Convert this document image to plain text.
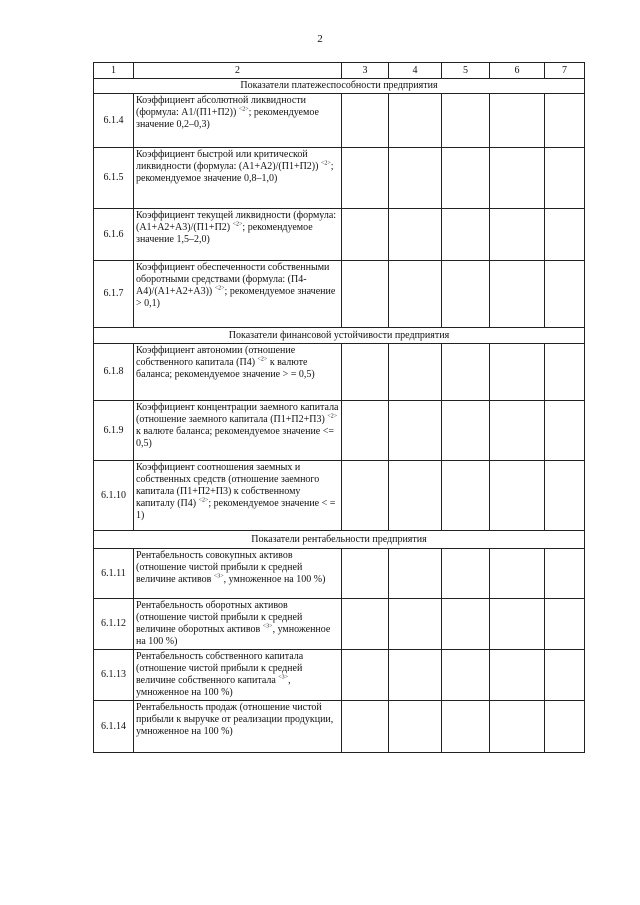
2
1	2	3	4	5	6	7
Показатели платежеспособности предприятия						
6.1.4	Коэффициент абсолютной ликвидности (формула: А1/(П1+П2)) $^{<2>}$; рекомендуемое значение 0,2–0,3)					
6.1.5	Коэффициент быстрой или критической ликвидности (формула: (А1+А2)/(П1+П2)) $^{<2>}$; рекомендуемое значение 0,8–1,0)					
6.1.6	Коэффициент текущей ликвидности (формула: (А1+А2+А3)/(П1+П2) $^{<2>}$; рекомендуемое значение 1,5–2,0)					
6.1.7	Коэффициент обеспеченности собственными оборотными средствами (формула: (П4-А4)/(А1+А2+А3)) $^{<2>}$; рекомендуемое значение > 0,1)					
Показатели финансовой устойчивости предприятия						
6.1.8	Коэффициент автономии (отношение собственного капитала (П4) $^{<2>}$ к валюте баланса; рекомендуемое значение > = 0,5)					
6.1.9	Коэффициент концентрации заемного капитала (отношение заемного капитала (П1+П2+П3) $^{<2>}$ к валюте баланса; рекомендуемое значение <= 0,5)					
6.1.10	Коэффициент соотношения заемных и собственных средств (отношение заемного капитала (П1+П2+П3) к собственному капиталу (П4) $^{<2>}$; рекомендуемое значение < = 1)					
Показатели рентабельности предприятия						
6.1.11	Рентабельность совокупных активов (отношение чистой прибыли к средней величине активов $^{<3>}$, умноженное на 100 %)					
6.1.12	Рентабельность оборотных активов (отношение чистой прибыли к средней величине оборотных активов $^{<3>}$, умноженное на 100 %)					
6.1.13	Рентабельность собственного капитала (отношение чистой прибыли к средней величине собственного капитала $^{<3>}$, умноженное на 100 %)					
6.1.14	Рентабельность продаж (отношение чистой прибыли к выручке от реализации продукции, умноженное на 100 %)					
